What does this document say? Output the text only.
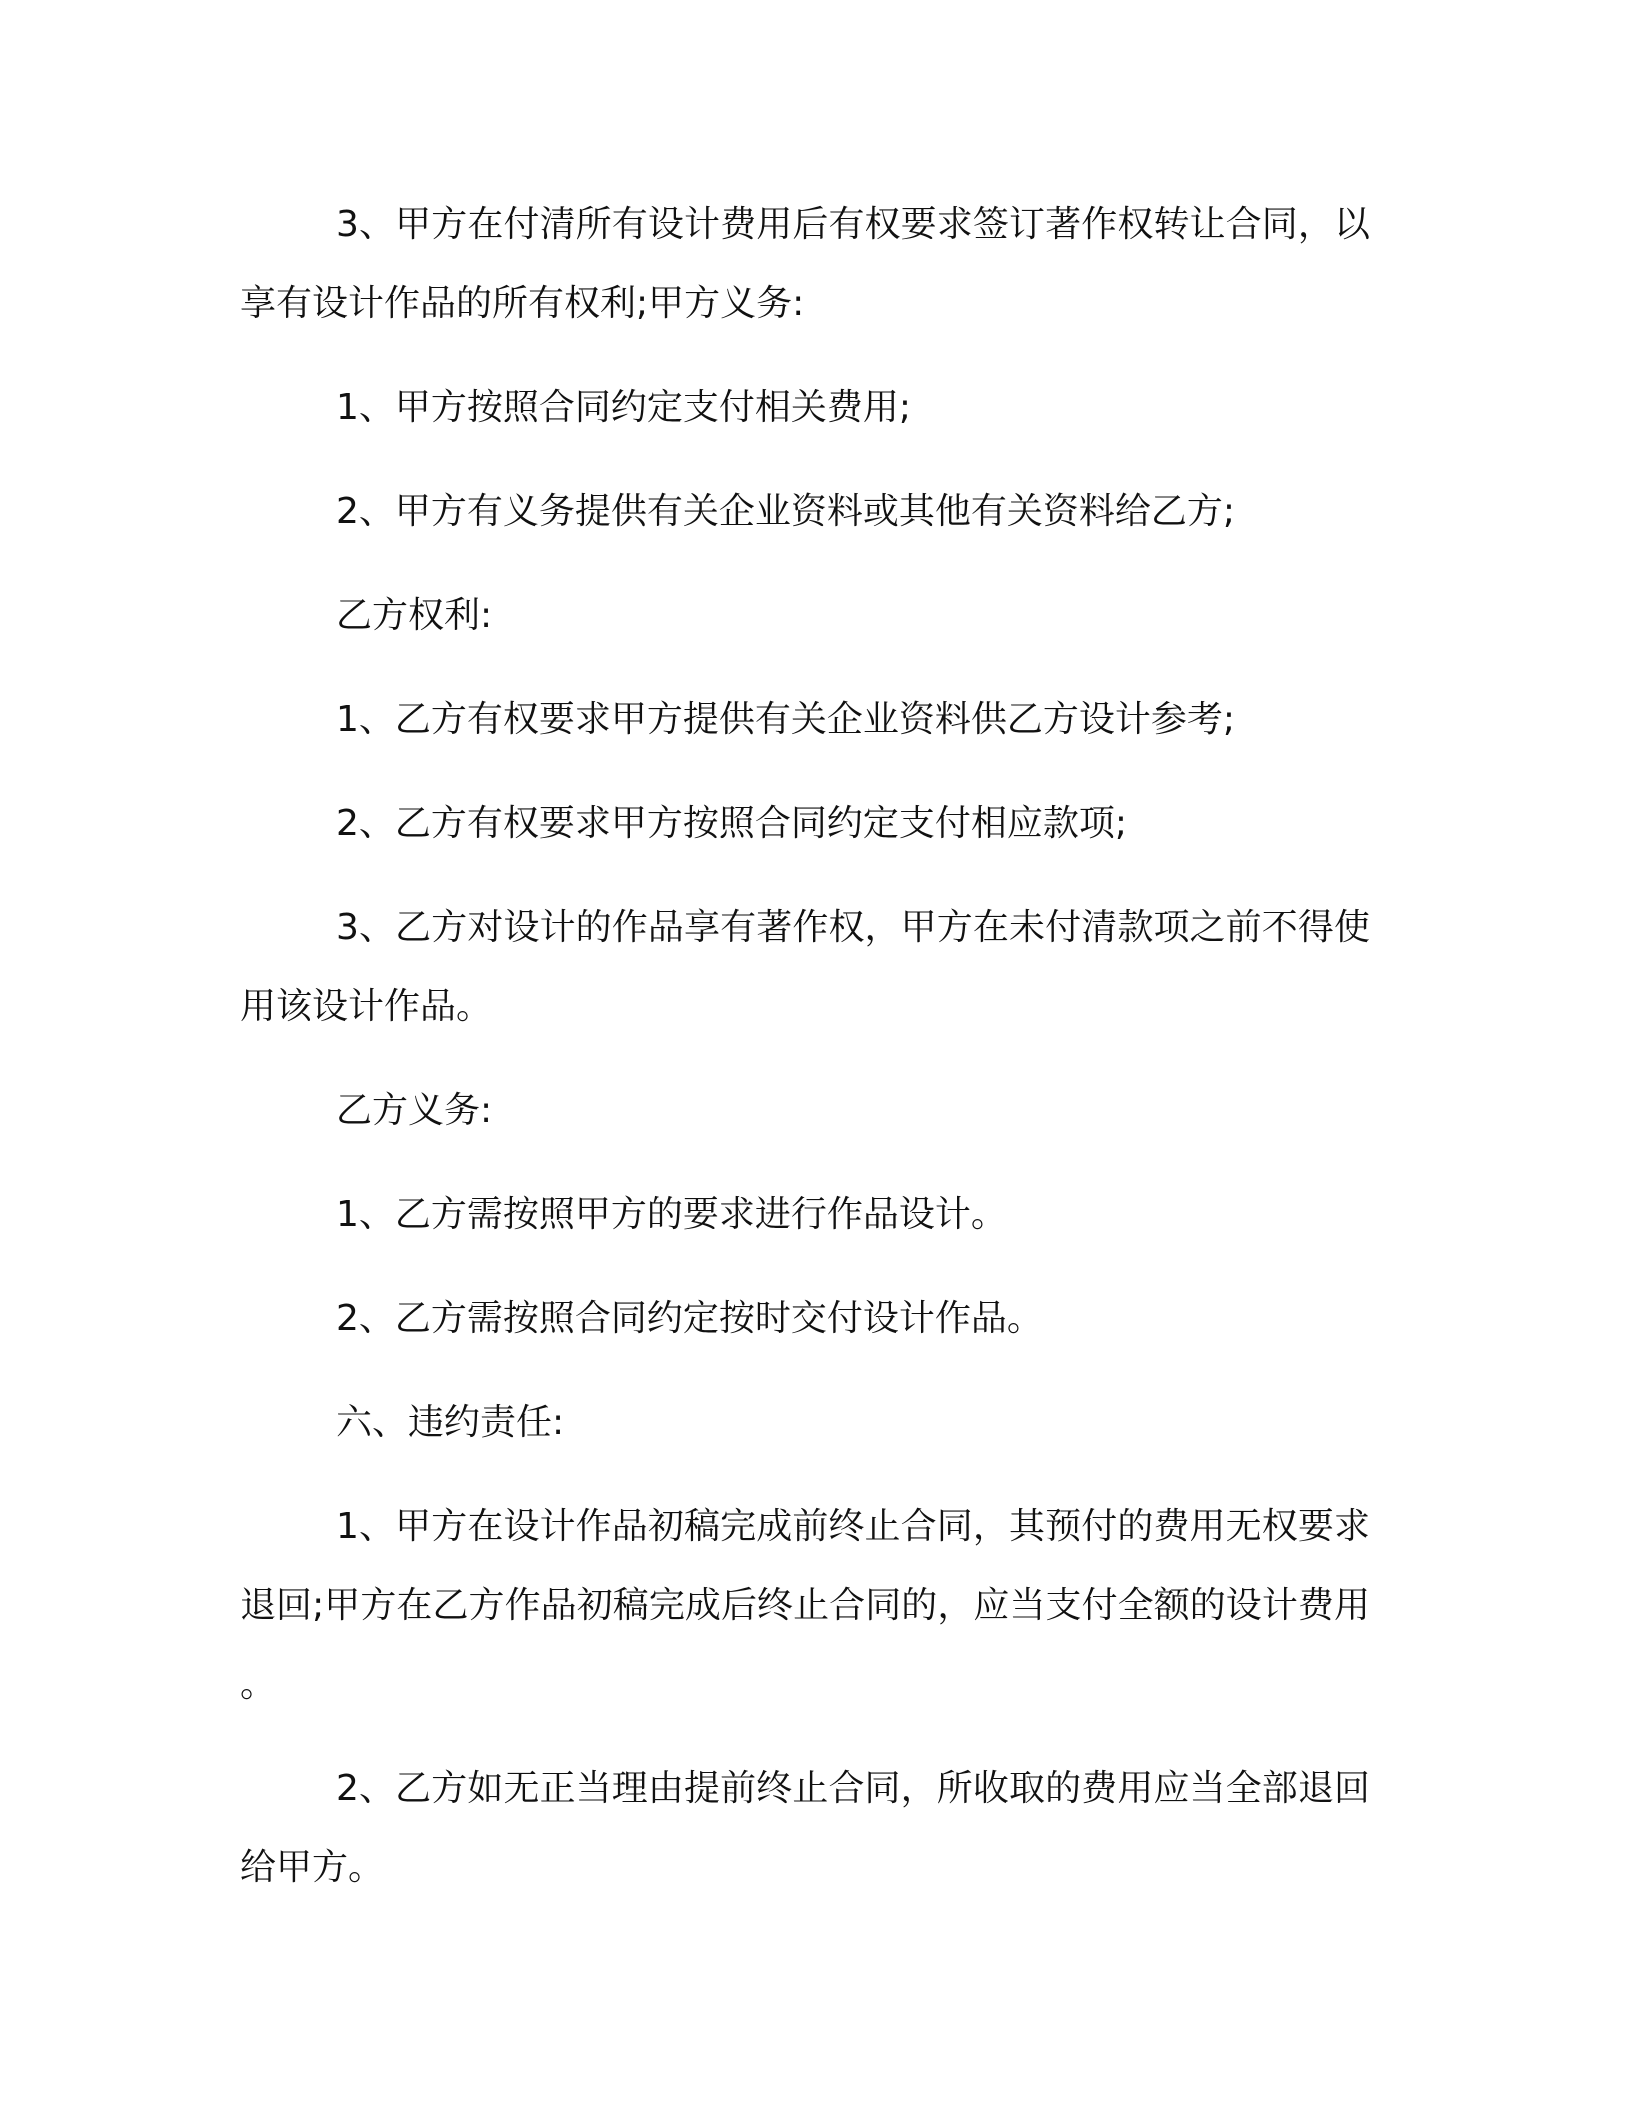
3、甲方在付清所有设计费用后有权要求签订著作权转让合同，以享有设计作品的所有权利;甲方义务:

1、甲方按照合同约定支付相关费用;

2、甲方有义务提供有关企业资料或其他有关资料给乙方;

乙方权利:

1、乙方有权要求甲方提供有关企业资料供乙方设计参考;

2、乙方有权要求甲方按照合同约定支付相应款项;

3、乙方对设计的作品享有著作权，甲方在未付清款项之前不得使用该设计作品。

乙方义务:

1、乙方需按照甲方的要求进行作品设计。

2、乙方需按照合同约定按时交付设计作品。

六、违约责任:

1、甲方在设计作品初稿完成前终止合同，其预付的费用无权要求退回;甲方在乙方作品初稿完成后终止合同的，应当支付全额的设计费用。

2、乙方如无正当理由提前终止合同，所收取的费用应当全部退回给甲方。
